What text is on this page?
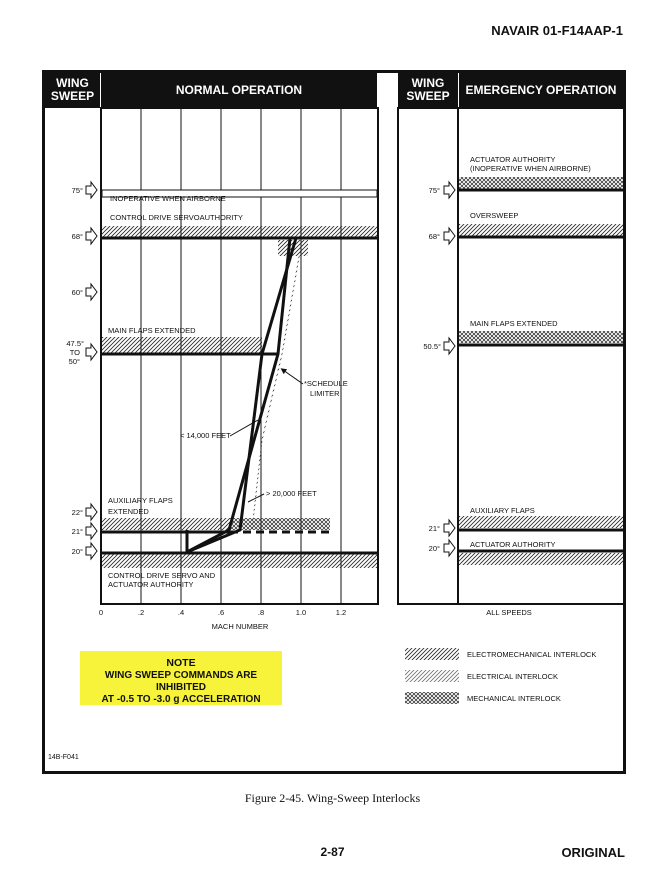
NAVAIR 01-F14AAP-1
WING
SWEEP	NORMAL OPERATION	WING
SWEEP EMERGENCY OPERATION
75°
68°
60°
47.5°
TO
50°
22°
21°
20°
75°
68°
50.5°
21°
20°
INOPERATIVE WHEN AIRBORNE
CONTROL DRIVE SERVOAUTHORITY
MAIN FLAPS EXTENDED
AUXILIARY FLAPS
EXTENDED
CONTROL DRIVE SERVO AND
ACTUATOR AUTHORITY
*SCHEDULE
LIMITER
< 14,000 FEET
> 20,000 FEET
ACTUATOR AUTHORITY
(INOPERATIVE WHEN AIRBORNE)
OVERSWEEP
MAIN FLAPS EXTENDED
AUXILIARY FLAPS
ACTUATOR AUTHORITY
0	.2	.4	.6	.8	1.0	1.2
MACH NUMBER
ALL SPEEDS
ELECTROMECHANICAL INTERLOCK
ELECTRICAL INTERLOCK
MECHANICAL INTERLOCK
NOTE
WING SWEEP COMMANDS ARE INHIBITED
AT -0.5 TO -3.0 g ACCELERATION
14B-F041
Figure 2-45. Wing-Sweep Interlocks
2-87	ORIGINAL
